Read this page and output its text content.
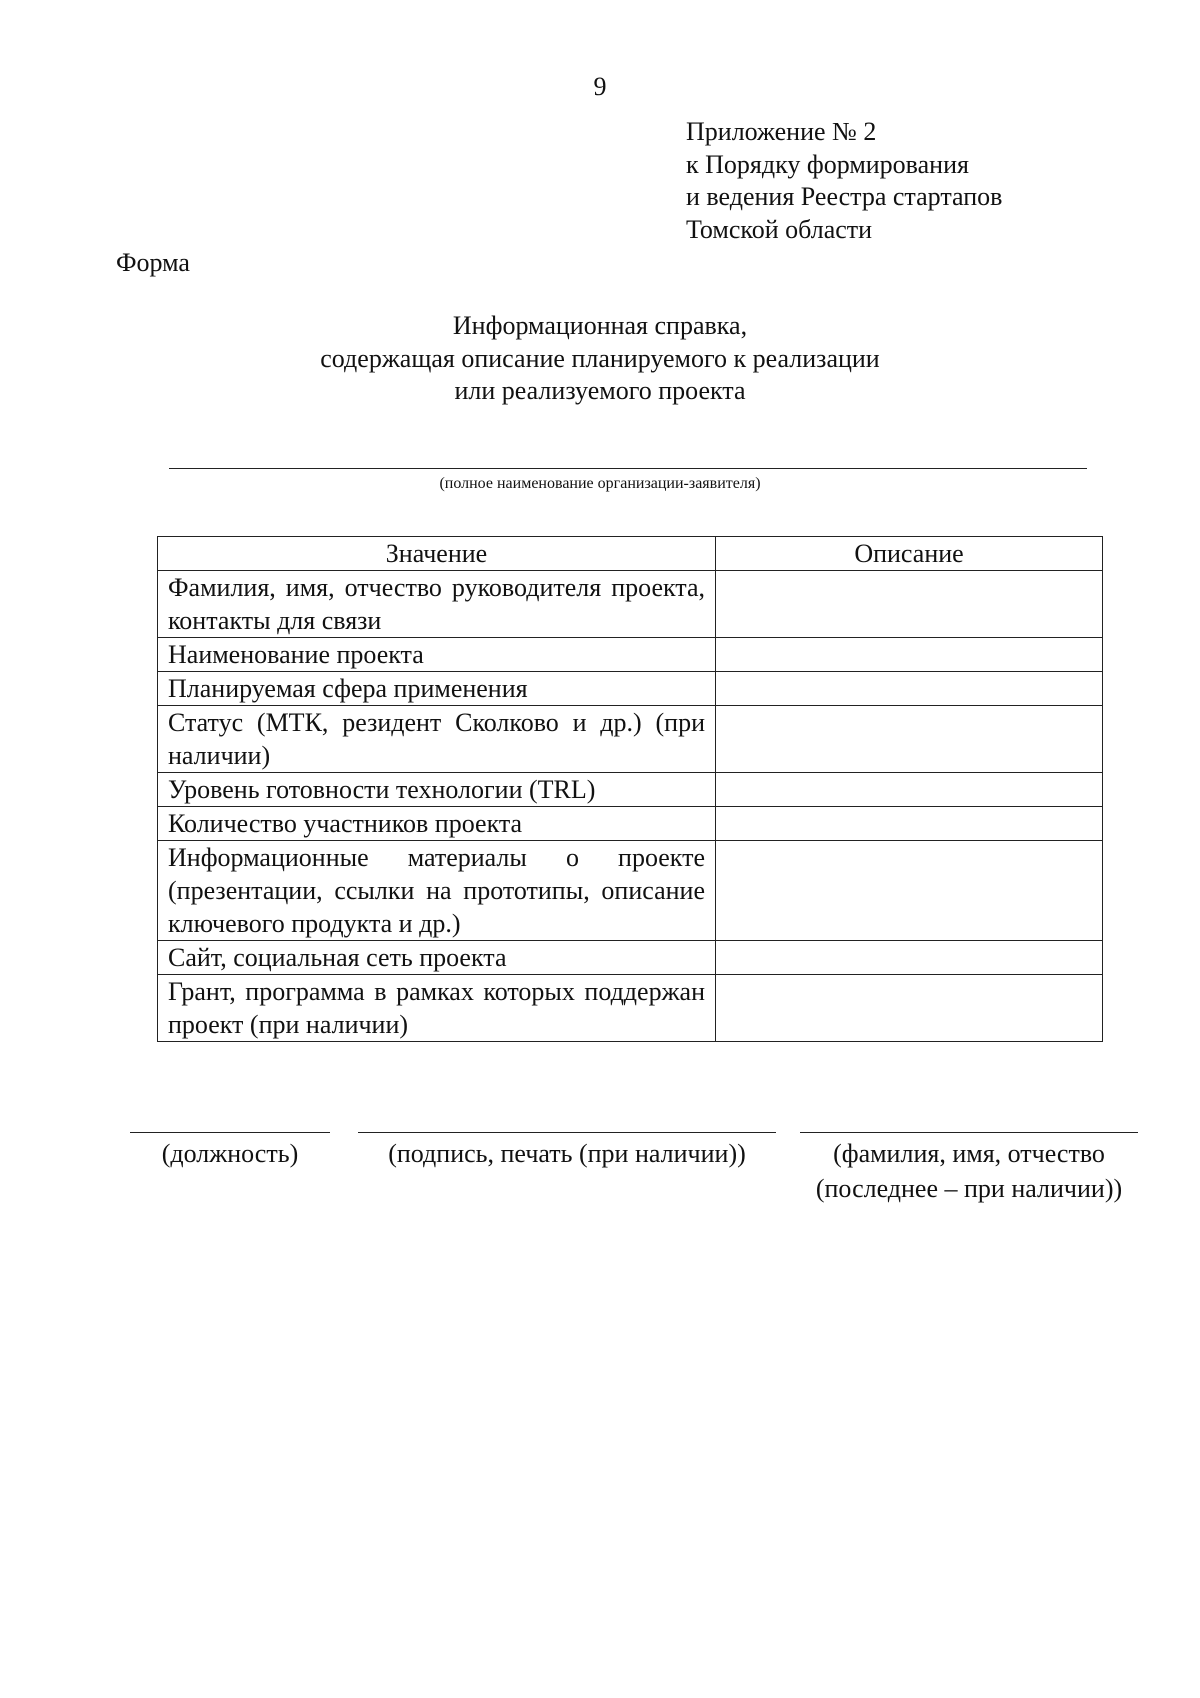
9
Приложение № 2
к Порядку формирования
и ведения Реестра стартапов
Томской области
Форма
Информационная справка,
содержащая описание планируемого к реализации
или реализуемого проекта
(полное наименование организации-заявителя)
Значение	Описание
Фамилия, имя, отчество руководителя проекта, контакты для связи	
Наименование проекта	
Планируемая сфера применения	
Статус (МТК, резидент Сколково и др.) (при наличии)	
Уровень готовности технологии (TRL)	
Количество участников проекта	
Информационные материалы о проекте (презентации, ссылки на прототипы, описание ключевого продукта и др.)	
Сайт, социальная сеть проекта	
Грант, программа в рамках которых поддержан проект (при наличии)	
(должность)	(подпись, печать (при наличии))	(фамилия, имя, отчество
(последнее – при наличии))
